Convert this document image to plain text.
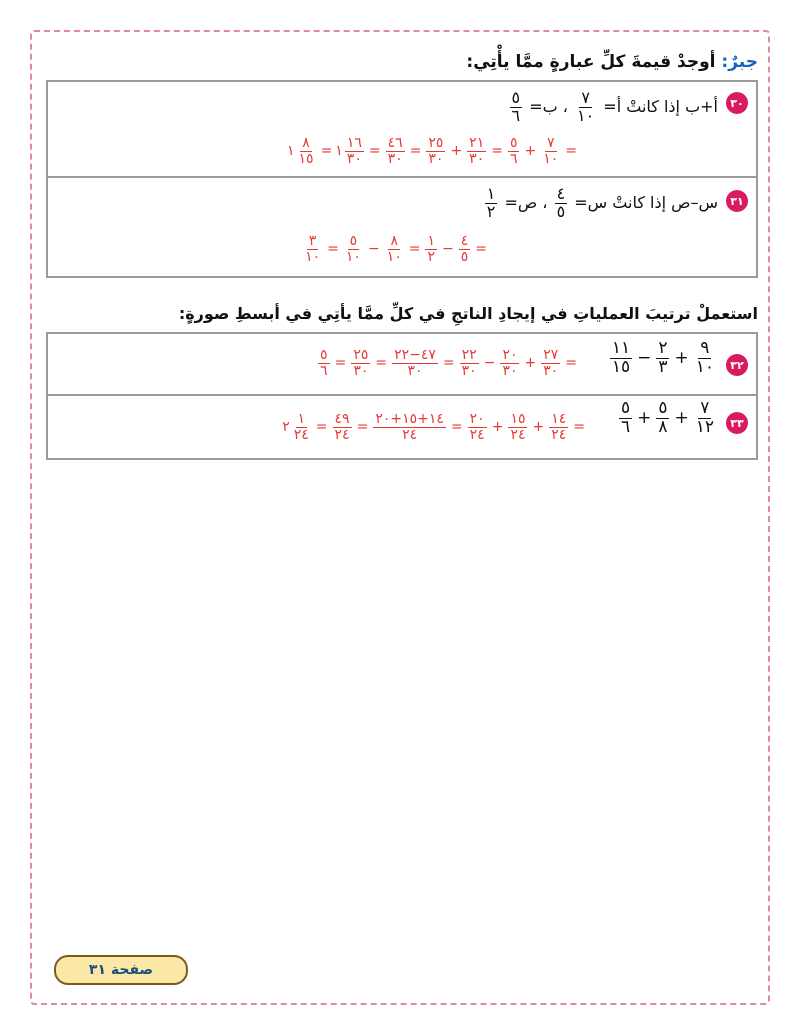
جبرٌ: أوجدْ قيمةَ كلِّ عبارةٍ ممَّا يأْتِي:
٣٠
أ+ب إذا كانتْ أ=
$\frac{٧}{١٠}$
، ب=
$\frac{٥}{٦}$
١ $\frac{٨}{١٥}$ = ١ $\frac{١٦}{٣٠} = \frac{٤٦}{٣٠} = \frac{٢٥}{٣٠} + \frac{٢١}{٣٠} = \frac{٥}{٦} + \frac{٧}{١٠}$ =
٣١
س–ص إذا كانتْ س=
$\frac{٤}{٥}$
، ص=
$\frac{١}{٢}$
$\frac{٣}{١٠} = \frac{٥}{١٠} - \frac{٨}{١٠} = \frac{١}{٢} - \frac{٤}{٥}$ =
استعملْ ترتيبَ العملياتِ في إيجادِ الناتجِ في كلِّ ممَّا يأتِي في أبسطِ صورةٍ:
٣٢
$\frac{١١}{١٥} - \frac{٢}{٣} + \frac{٩}{١٠}$
$\frac{٥}{٦} = \frac{٢٥}{٣٠} = \frac{٤٧-٢٢}{٣٠} = \frac{٢٢}{٣٠} - \frac{٢٠}{٣٠} + \frac{٢٧}{٣٠}$ =
٣٣
$\frac{٥}{٦} + \frac{٥}{٨} + \frac{٧}{١٢}$
٢ $\frac{١}{٢٤} = \frac{٤٩}{٢٤} = \frac{١٤+١٥+٢٠}{٢٤} = \frac{٢٠}{٢٤} + \frac{١٥}{٢٤} + \frac{١٤}{٢٤}$ =
صفحة ٣١
